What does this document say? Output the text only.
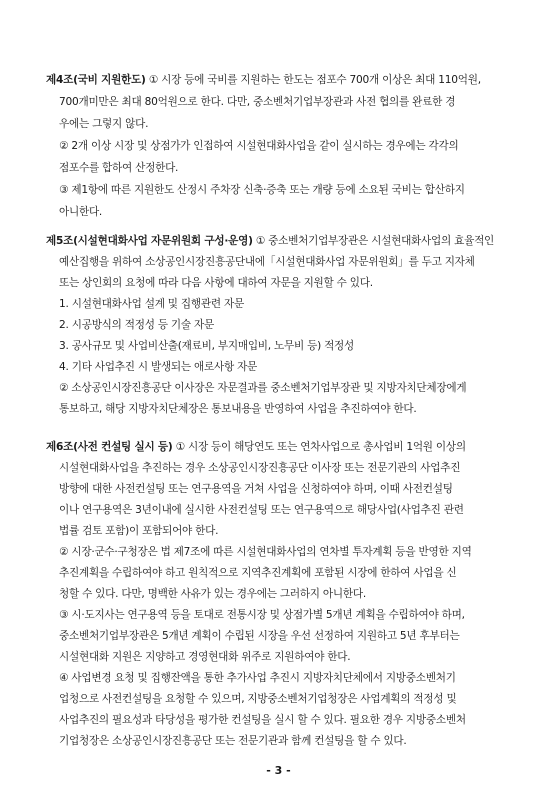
제4조(국비 지원한도) ① 시장 등에 국비를 지원하는 한도는 점포수 700개 이상은 최대 110억원,
700개미만은 최대 80억원으로 한다. 다만, 중소벤처기업부장관과 사전 협의를 완료한 경
우에는 그렇지 않다.
② 2개 이상 시장 및 상점가가 인접하여 시설현대화사업을 같이 실시하는 경우에는 각각의
점포수를 합하여 산정한다.
③ 제1항에 따른 지원한도 산정시 주차장 신축·증축 또는 개량 등에 소요된 국비는 합산하지
아니한다.
제5조(시설현대화사업 자문위원회 구성·운영) ① 중소벤처기업부장관은 시설현대화사업의 효율적인
예산집행을 위하여 소상공인시장진흥공단내에「시설현대화사업 자문위원회」를 두고 지자체
또는 상인회의 요청에 따라 다음 사항에 대하여 자문을 지원할 수 있다.
1. 시설현대화사업 설계 및 집행관련 자문
2. 시공방식의 적정성 등 기술 자문
3. 공사규모 및 사업비산출(재료비, 부지매입비, 노무비 등) 적정성
4. 기타 사업추진 시 발생되는 애로사항 자문
② 소상공인시장진흥공단 이사장은 자문결과를 중소벤처기업부장관 및 지방자치단체장에게
통보하고, 해당 지방자치단체장은 통보내용을 반영하여 사업을 추진하여야 한다.
제6조(사전 컨설팅 실시 등) ① 시장 등이 해당연도 또는 연차사업으로 총사업비 1억원 이상의
시설현대화사업을 추진하는 경우 소상공인시장진흥공단 이사장 또는 전문기관의 사업추진
방향에 대한 사전컨설팅 또는 연구용역을 거쳐 사업을 신청하여야 하며, 이때 사전컨설팅
이나 연구용역은 3년이내에 실시한 사전컨설팅 또는 연구용역으로 해당사업(사업추진 관련
법률 검토 포함)이 포함되어야 한다.
② 시장·군수·구청장은 법 제7조에 따른 시설현대화사업의 연차별 투자계획 등을 반영한 지역
추진계획을 수립하여야 하고 원칙적으로 지역추진계획에 포함된 시장에 한하여 사업을 신
청할 수 있다. 다만, 명백한 사유가 있는 경우에는 그러하지 아니한다.
③ 시·도지사는 연구용역 등을 토대로 전통시장 및 상점가별 5개년 계획을 수립하여야 하며,
중소벤처기업부장관은 5개년 계획이 수립된 시장을 우선 선정하여 지원하고 5년 후부터는
시설현대화 지원은 지양하고 경영현대화 위주로 지원하여야 한다.
④ 사업변경 요청 및 집행잔액을 통한 추가사업 추진시 지방자치단체에서 지방중소벤처기
업청으로 사전컨설팅을 요청할 수 있으며, 지방중소벤처기업청장은 사업계획의 적정성 및
사업추진의 필요성과 타당성을 평가한 컨설팅을 실시 할 수 있다. 필요한 경우 지방중소벤처
기업청장은 소상공인시장진흥공단 또는 전문기관과 함께 컨설팅을 할 수 있다.
- 3 -
